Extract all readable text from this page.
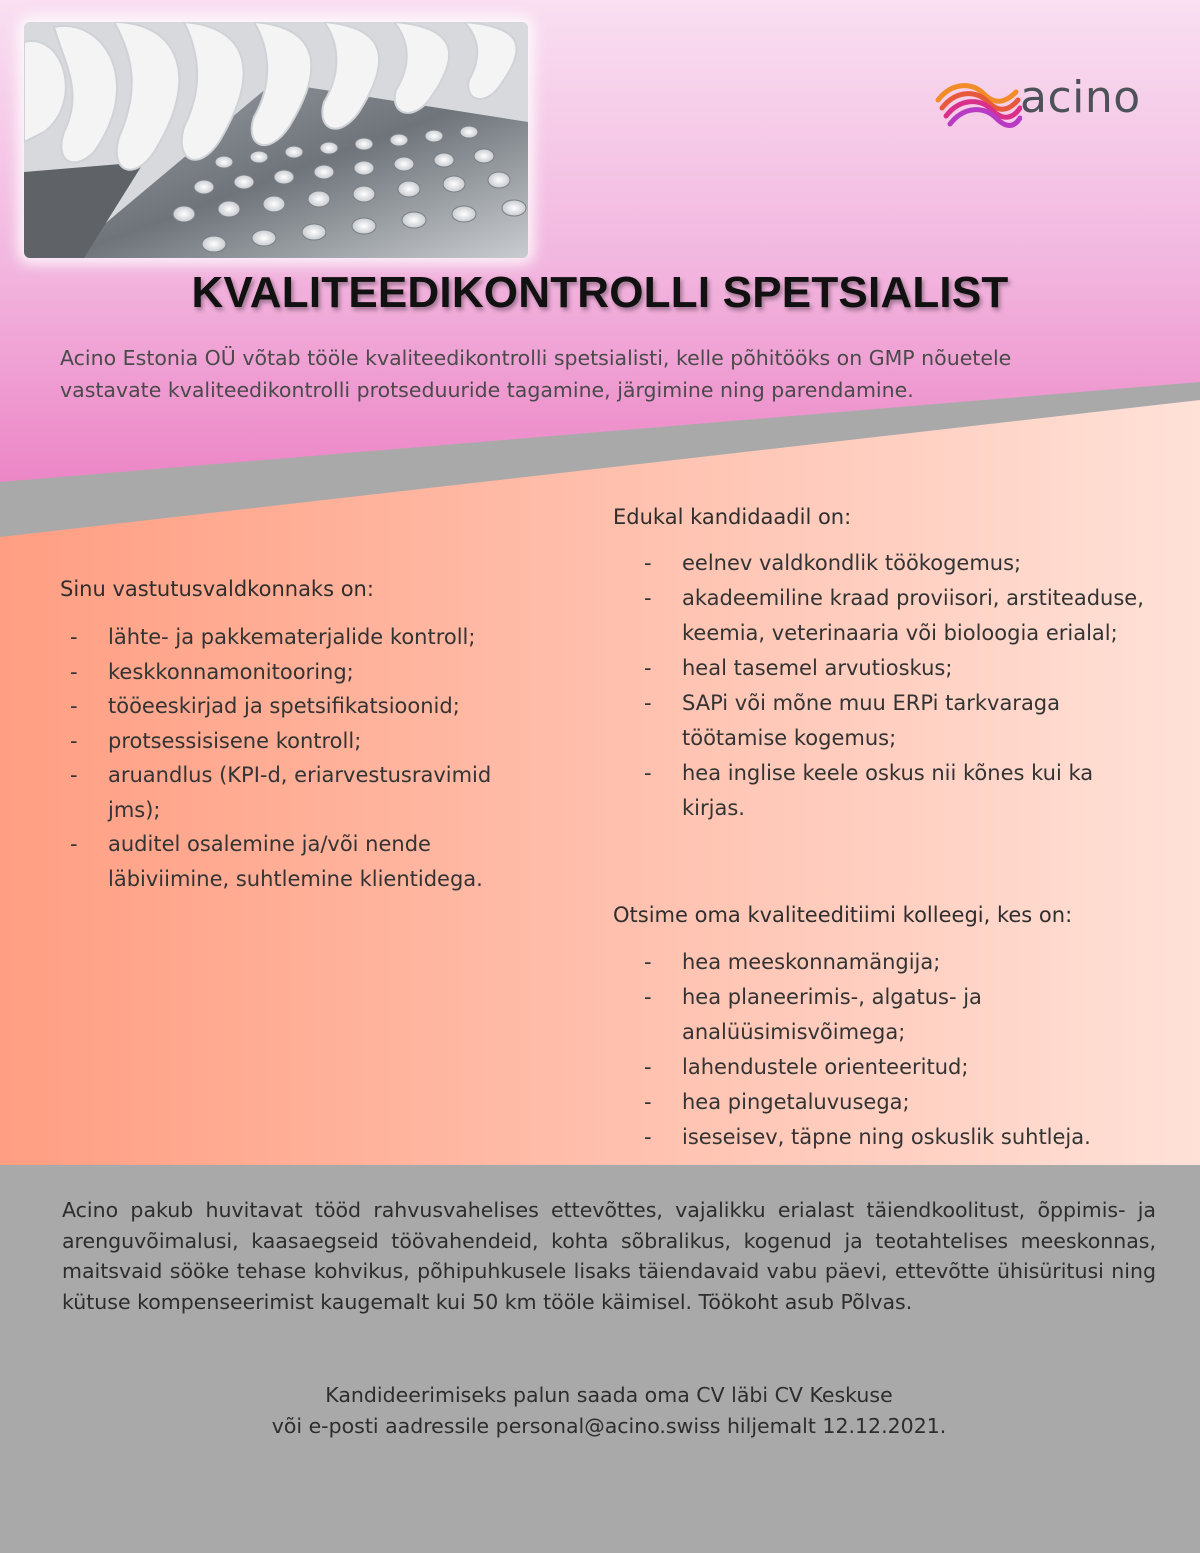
acino
KVALITEEDIKONTROLLI SPETSIALIST
Acino Estonia OÜ võtab tööle kvaliteedikontrolli spetsialisti, kelle põhitööks on GMP nõuetele
vastavate kvaliteedikontrolli protseduuride tagamine, järgimine ning parendamine.
Sinu vastutusvaldkonnaks on:
- lähte- ja pakkematerjalide kontroll;
- keskkonnamonitooring;
- tööeeskirjad ja spetsifikatsioonid;
- protsessisisene kontroll;
- aruandlus (KPI-d, eriarvestusravimid jms);
- auditel osalemine ja/või nende läbiviimine, suhtlemine klientidega.
Edukal kandidaadil on:
- eelnev valdkondlik töökogemus;
- akadeemiline kraad proviisori, arstiteaduse, keemia, veterinaaria või bioloogia erialal;
- heal tasemel arvutioskus;
- SAPi või mõne muu ERPi tarkvaraga töötamise kogemus;
- hea inglise keele oskus nii kõnes kui ka kirjas.
Otsime oma kvaliteeditiimi kolleegi, kes on:
- hea meeskonnamängija;
- hea planeerimis-, algatus- ja analüüsimisvõimega;
- lahendustele orienteeritud;
- hea pingetaluvusega;
- iseseisev, täpne ning oskuslik suhtleja.
Acino pakub huvitavat tööd rahvusvahelises ettevõttes, vajalikku erialast täiendkoolitust, õppimis- ja arenguvõimalusi, kaasaegseid töövahendeid, kohta sõbralikus, kogenud ja teotahtelises meeskonnas, maitsvaid sööke tehase kohvikus, põhipuhkusele lisaks täiendavaid vabu päevi, ettevõtte ühisüritusi ning kütuse kompenseerimist kaugemalt kui 50 km tööle käimisel. Töökoht asub Põlvas.
Kandideerimiseks palun saada oma CV läbi CV Keskuse
või e-posti aadressile personal@acino.swiss hiljemalt 12.12.2021.
